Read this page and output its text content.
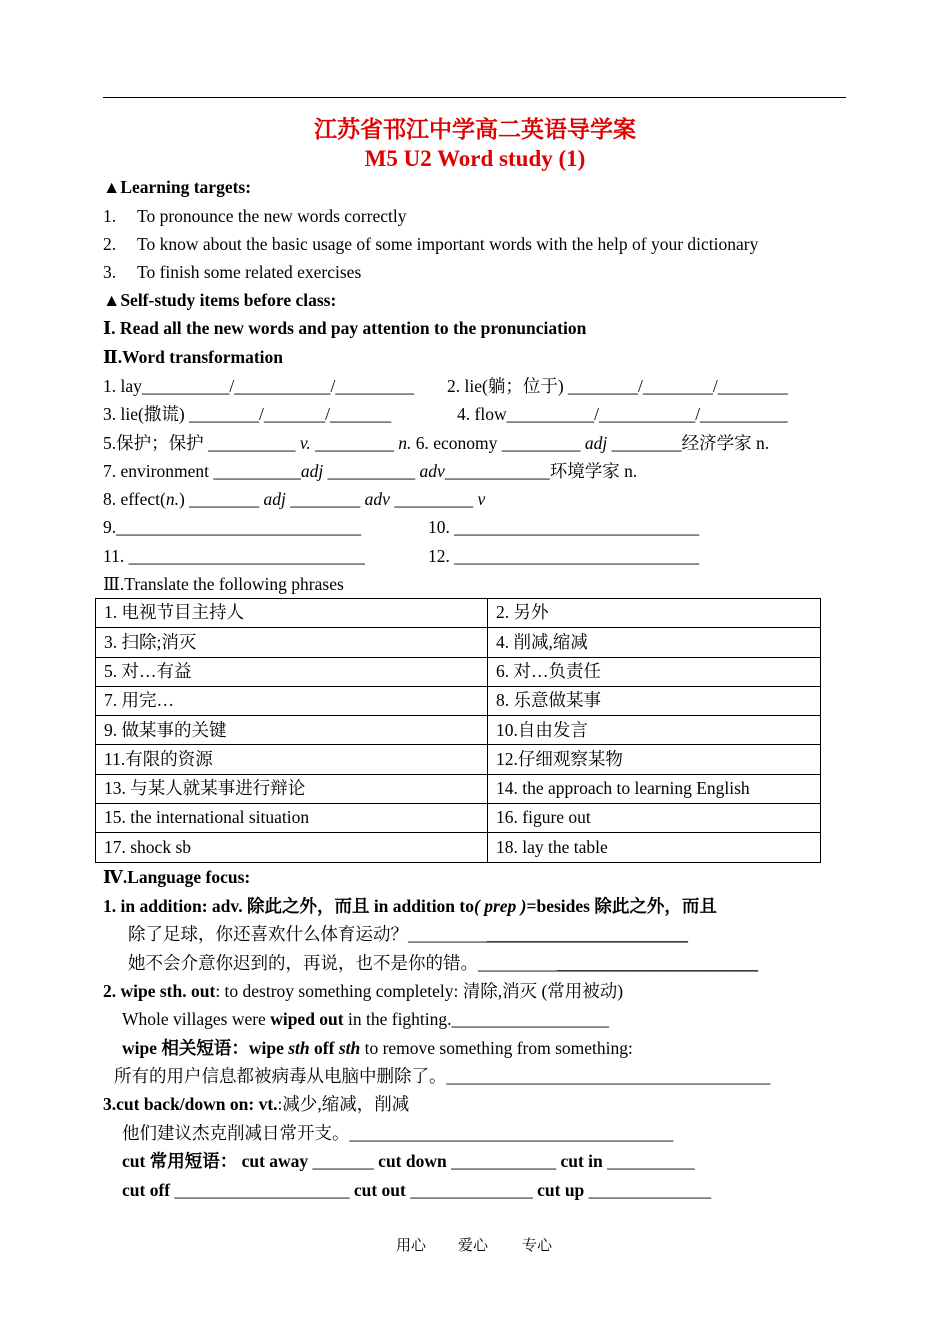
江苏省邗江中学高二英语导学案
M5 U2 Word study (1)
▲Learning targets:
1. To pronounce the new words correctly
2. To know about the basic usage of some important words with the help of your dictionary
3. To finish some related exercises
▲Self-study items before class:
Ⅰ. Read all the new words and pay attention to the pronunciation
Ⅱ.Word transformation
1. lay__________/___________/_________ 2. lie(躺；位于) ________/________/________
3. lie(撒谎) ________/_______/_______	4. flow__________/___________/__________
5.保护；保护 __________ v. _________ n. 6. economy _________ adj ________经济学家 n.
7. environment __________adj __________ adv____________环境学家 n.
8. effect(n.) ________ adj ________ adv _________ v
9.____________________________	10. ____________________________
11. ___________________________	12. ____________________________
Ⅲ.Translate the following phrases
1. 电视节目主持人	2. 另外
3. 扫除;消灭	4. 削减,缩减
5. 对…有益	6. 对…负责任
7. 用完…	8. 乐意做某事
9. 做某事的关键	10.自由发言
11.有限的资源	12.仔细观察某物
13. 与某人就某事进行辩论	14. the approach to learning English
15. the international situation	16. figure out
17. shock sb	18. lay the table
Ⅳ.Language focus:
1. in addition: adv. 除此之外，而且 in addition to( prep )=besides 除此之外，而且
除了足球，你还喜欢什么体育运动？________________________________
她不会介意你迟到的，再说，也不是你的错。________________________________
2. wipe sth. out: to destroy something completely: 清除,消灭 (常用被动)
Whole villages were wiped out in the fighting.__________________
wipe 相关短语：wipe sth off sth to remove something from something:
所有的用户信息都被病毒从电脑中删除了。_____________________________________
3.cut back/down on: vt.:减少,缩减，削减
他们建议杰克削减日常开支。_____________________________________
cut 常用短语： cut away _______ cut down ____________ cut in __________
cut off ____________________ cut out ______________ cut up ______________
用心 爱心 专心
